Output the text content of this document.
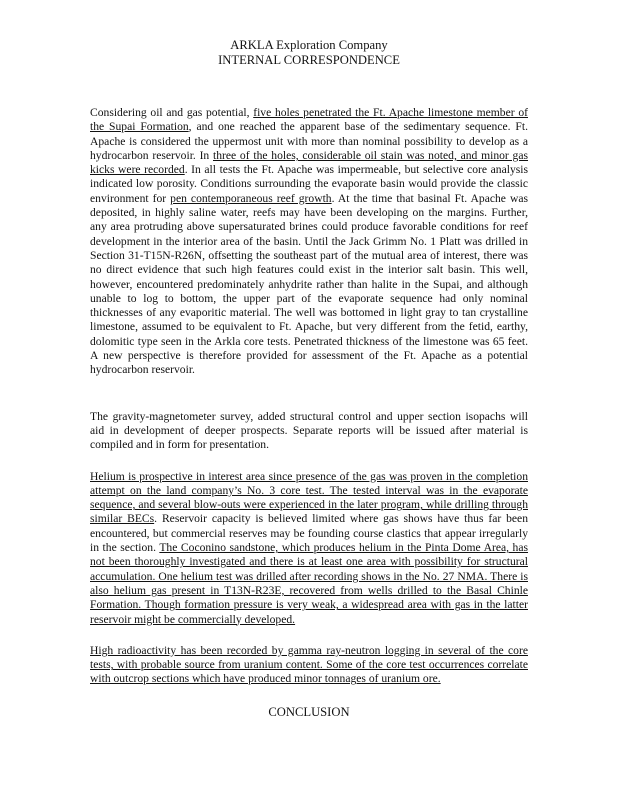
ARKLA Exploration Company

INTERNAL CORRESPONDENCE

Considering oil and gas potential, five holes penetrated the Ft. Apache limestone member of the Supai Formation, and one reached the apparent base of the sedimentary sequence. Ft. Apache is considered the uppermost unit with more than nominal possibility to develop as a hydrocarbon reservoir. In three of the holes, considerable oil stain was noted, and minor gas kicks were recorded. In all tests the Ft. Apache was impermeable, but selective core analysis indicated low porosity. Conditions surrounding the evaporate basin would provide the classic environment for pen contemporaneous reef growth. At the time that basinal Ft. Apache was deposited, in highly saline water, reefs may have been developing on the margins. Further, any area protruding above supersaturated brines could produce favorable conditions for reef development in the interior area of the basin. Until the Jack Grimm No. 1 Platt was drilled in Section 31-T15N-R26N, offsetting the southeast part of the mutual area of interest, there was no direct evidence that such high features could exist in the interior salt basin. This well, however, encountered predominately anhydrite rather than halite in the Supai, and although unable to log to bottom, the upper part of the evaporate sequence had only nominal thicknesses of any evaporitic material. The well was bottomed in light gray to tan crystalline limestone, assumed to be equivalent to Ft. Apache, but very different from the fetid, earthy, dolomitic type seen in the Arkla core tests. Penetrated thickness of the limestone was 65 feet. A new perspective is therefore provided for assessment of the Ft. Apache as a potential hydrocarbon reservoir.

The gravity-magnetometer survey, added structural control and upper section isopachs will aid in development of deeper prospects. Separate reports will be issued after material is compiled and in form for presentation.

Helium is prospective in interest area since presence of the gas was proven in the completion attempt on the land company’s No. 3 core test. The tested interval was in the evaporate sequence, and several blow-outs were experienced in the later program, while drilling through similar BECs. Reservoir capacity is believed limited where gas shows have thus far been encountered, but commercial reserves may be founding course clastics that appear irregularly in the section. The Coconino sandstone, which produces helium in the Pinta Dome Area, has not been thoroughly investigated and there is at least one area with possibility for structural accumulation. One helium test was drilled after recording shows in the No. 27 NMA. There is also helium gas present in T13N-R23E, recovered from wells drilled to the Basal Chinle Formation. Though formation pressure is very weak, a widespread area with gas in the latter reservoir might be commercially developed.

High radioactivity has been recorded by gamma ray-neutron logging in several of the core tests, with probable source from uranium content. Some of the core test occurrences correlate with outcrop sections which have produced minor tonnages of uranium ore.

CONCLUSION
